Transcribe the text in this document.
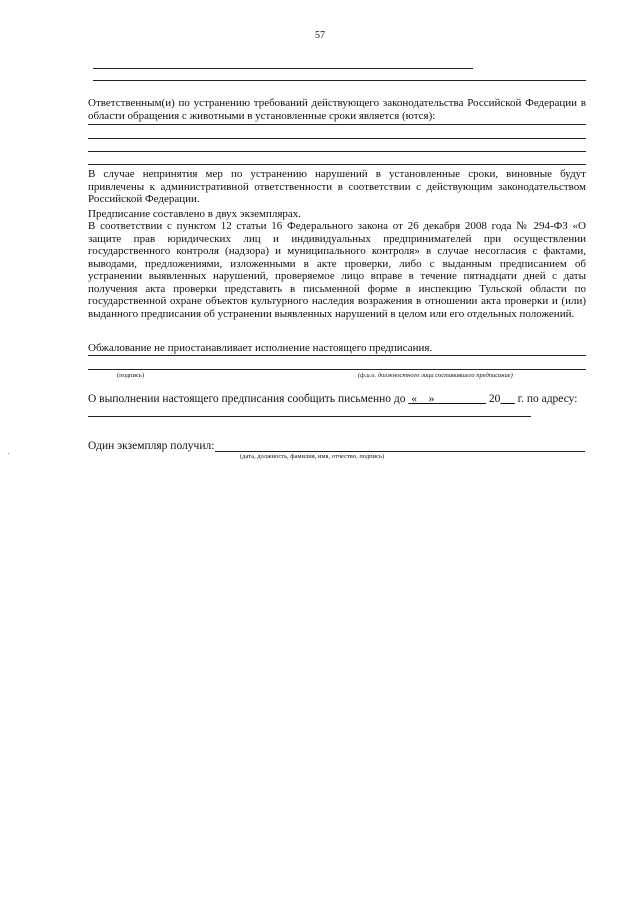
57
Ответственным(и) по устранению требований действующего законодательства Российской Федерации в области обращения с животными в установленные сроки является (ются):
В случае непринятия мер по устранению нарушений в установленные сроки, виновные будут привлечены к административной ответственности в соответствии с действующим законодательством Российской Федерации.
Предписание составлено в двух экземплярах.
В соответствии с пунктом 12 статьи 16 Федерального закона от 26 декабря 2008 года № 294-ФЗ «О защите прав юридических лиц и индивидуальных предпринимателей при осуществлении государственного контроля (надзора) и муниципального контроля» в случае несогласия с фактами, выводами, предложениями, изложенными в акте проверки, либо с выданным предписанием об устранении выявленных нарушений, проверяемое лицо вправе в течение пятнадцати дней с даты получения акта проверки представить в письменной форме в инспекцию Тульской области по государственной охране объектов культурного наследия возражения в отношении акта проверки и (или) выданного предписания об устранении выявленных нарушений в целом или его отдельных положений.
Обжалование не приостанавливает исполнение настоящего предписания.
(подпись)	(ф.и.о. должностного лица составившего предписание)
О выполнении настоящего предписания сообщить письменно до « »	20 г. по адресу:
Один экземпляр получил:
(дата, должность, фамилия, имя, отчество, подпись)
